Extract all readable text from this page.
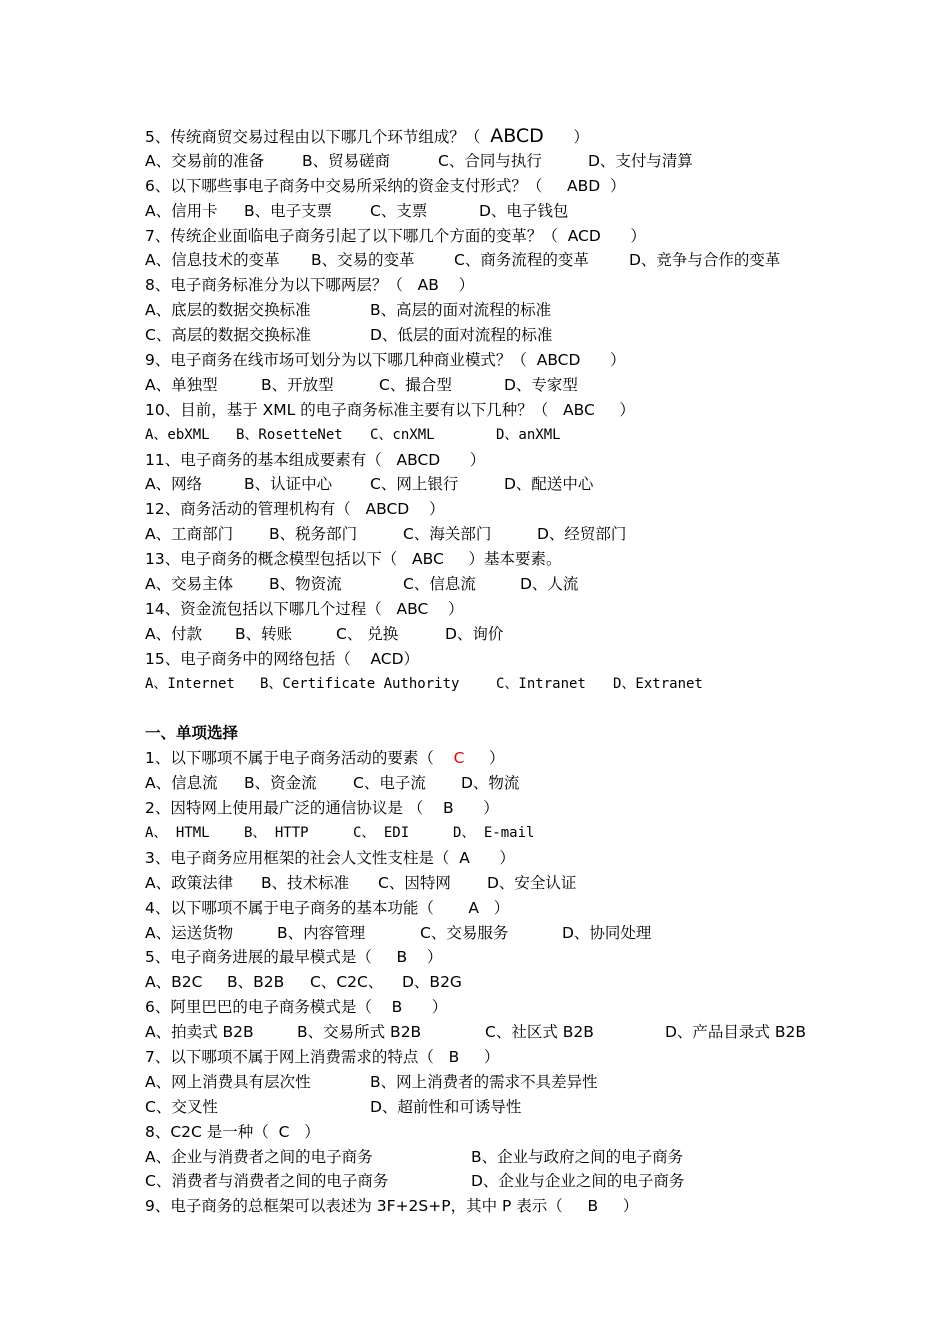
5、传统商贸交易过程由以下哪几个环节组成？（  ABCD      ）
A、交易前的准备 B、贸易磋商	C、合同与执行	D、支付与清算
6、以下哪些事电子商务中交易所采纳的资金支付形式？（     ABD  ）
A、信用卡 B、电子支票 C、支票	D、电子钱包
7、传统企业面临电子商务引起了以下哪几个方面的变革？（  ACD      ）
A、信息技术的变革 B、交易的变革	C、商务流程的变革	D、竞争与合作的变革
8、电子商务标准分为以下哪两层？（   AB    ）
A、底层的数据交换标准	B、高层的面对流程的标准
C、高层的数据交换标准	D、低层的面对流程的标准
9、电子商务在线市场可划分为以下哪几种商业模式？（  ABCD      ）
A、单独型	B、开放型	C、撮合型	D、专家型
10、目前，基于 XML 的电子商务标准主要有以下几种？（   ABC     ）
A、ebXML B、RosetteNet C、cnXML	D、anXML
11、电子商务的基本组成要素有（   ABCD      ）
A、网络	B、认证中心 C、网上银行	D、配送中心
12、商务活动的管理机构有（   ABCD    ）
A、工商部门 B、税务部门	C、海关部门	D、经贸部门
13、电子商务的概念模型包括以下（   ABC     ）基本要素。
A、交易主体 B、物资流	C、信息流	D、人流
14、资金流包括以下哪几个过程（   ABC    ）
A、付款 B、转账	C、 兑换	D、询价
15、电子商务中的网络包括（    ACD）
A、Internet B、Certificate Authority	C、Intranet D、Extranet
一、单项选择
1、以下哪项不属于电子商务活动的要素（    C     ）
A、信息流 B、资金流 C、电子流 D、物流
2、因特网上使用最广泛的通信协议是 （    B      ）
A、 HTML B、 HTTP	C、 EDI	D、 E-mail
3、电子商务应用框架的社会人文性支柱是（  A      ）
A、政策法律 B、技术标准 C、因特网 D、安全认证
4、以下哪项不属于电子商务的基本功能（       A   ）
A、运送货物	B、内容管理	C、交易服务	D、协同处理
5、电子商务进展的最早模式是（     B    ）
A、B2C B、B2B C、C2C、 D、B2G
6、阿里巴巴的电子商务模式是（    B      ）
A、拍卖式 B2B	B、交易所式 B2B	C、社区式 B2B	D、产品目录式 B2B
7、以下哪项不属于网上消费需求的特点（   B     ）
A、网上消费具有层次性	B、网上消费者的需求不具差异性
C、交叉性	D、超前性和可诱导性
8、C2C 是一种（  C   ）
A、企业与消费者之间的电子商务	B、企业与政府之间的电子商务
C、消费者与消费者之间的电子商务	D、企业与企业之间的电子商务
9、电子商务的总框架可以表述为 3F+2S+P，其中 P 表示（     B     ）
